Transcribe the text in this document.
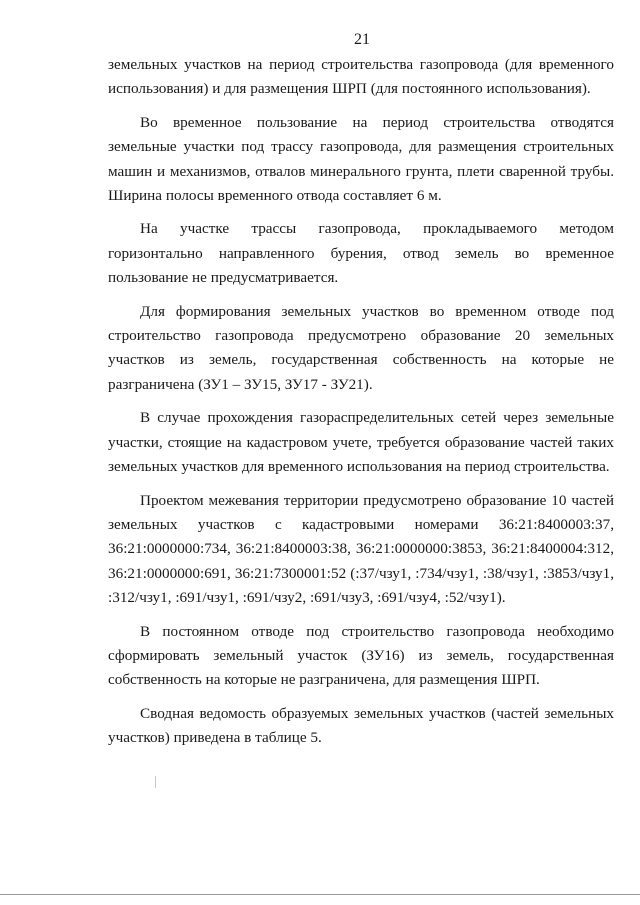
21

земельных участков на период строительства газопровода (для временного использования) и для размещения ШРП (для постоянного использования).

Во временное пользование на период строительства отводятся земельные участки под трассу газопровода, для размещения строительных машин и механизмов, отвалов минерального грунта, плети сваренной трубы. Ширина полосы временного отвода составляет 6 м.

На участке трассы газопровода, прокладываемого методом горизонтально направленного бурения, отвод земель во временное пользование не предусматривается.

Для формирования земельных участков во временном отводе под строительство газопровода предусмотрено образование 20 земельных участков из земель, государственная собственность на которые не разграничена (ЗУ1 – ЗУ15, ЗУ17 - ЗУ21).

В случае прохождения газораспределительных сетей через земельные участки, стоящие на кадастровом учете, требуется образование частей таких земельных участков для временного использования на период строительства.

Проектом межевания территории предусмотрено образование 10 частей земельных участков с кадастровыми номерами 36:21:8400003:37, 36:21:0000000:734, 36:21:8400003:38, 36:21:0000000:3853, 36:21:8400004:312, 36:21:0000000:691, 36:21:7300001:52 (:37/чзу1, :734/чзу1, :38/чзу1, :3853/чзу1, :312/чзу1, :691/чзу1, :691/чзу2, :691/чзу3, :691/чзу4, :52/чзу1).

В постоянном отводе под строительство газопровода необходимо сформировать земельный участок (ЗУ16) из земель, государственная собственность на которые не разграничена, для размещения ШРП.

Сводная ведомость образуемых земельных участков (частей земельных участков) приведена в таблице 5.
